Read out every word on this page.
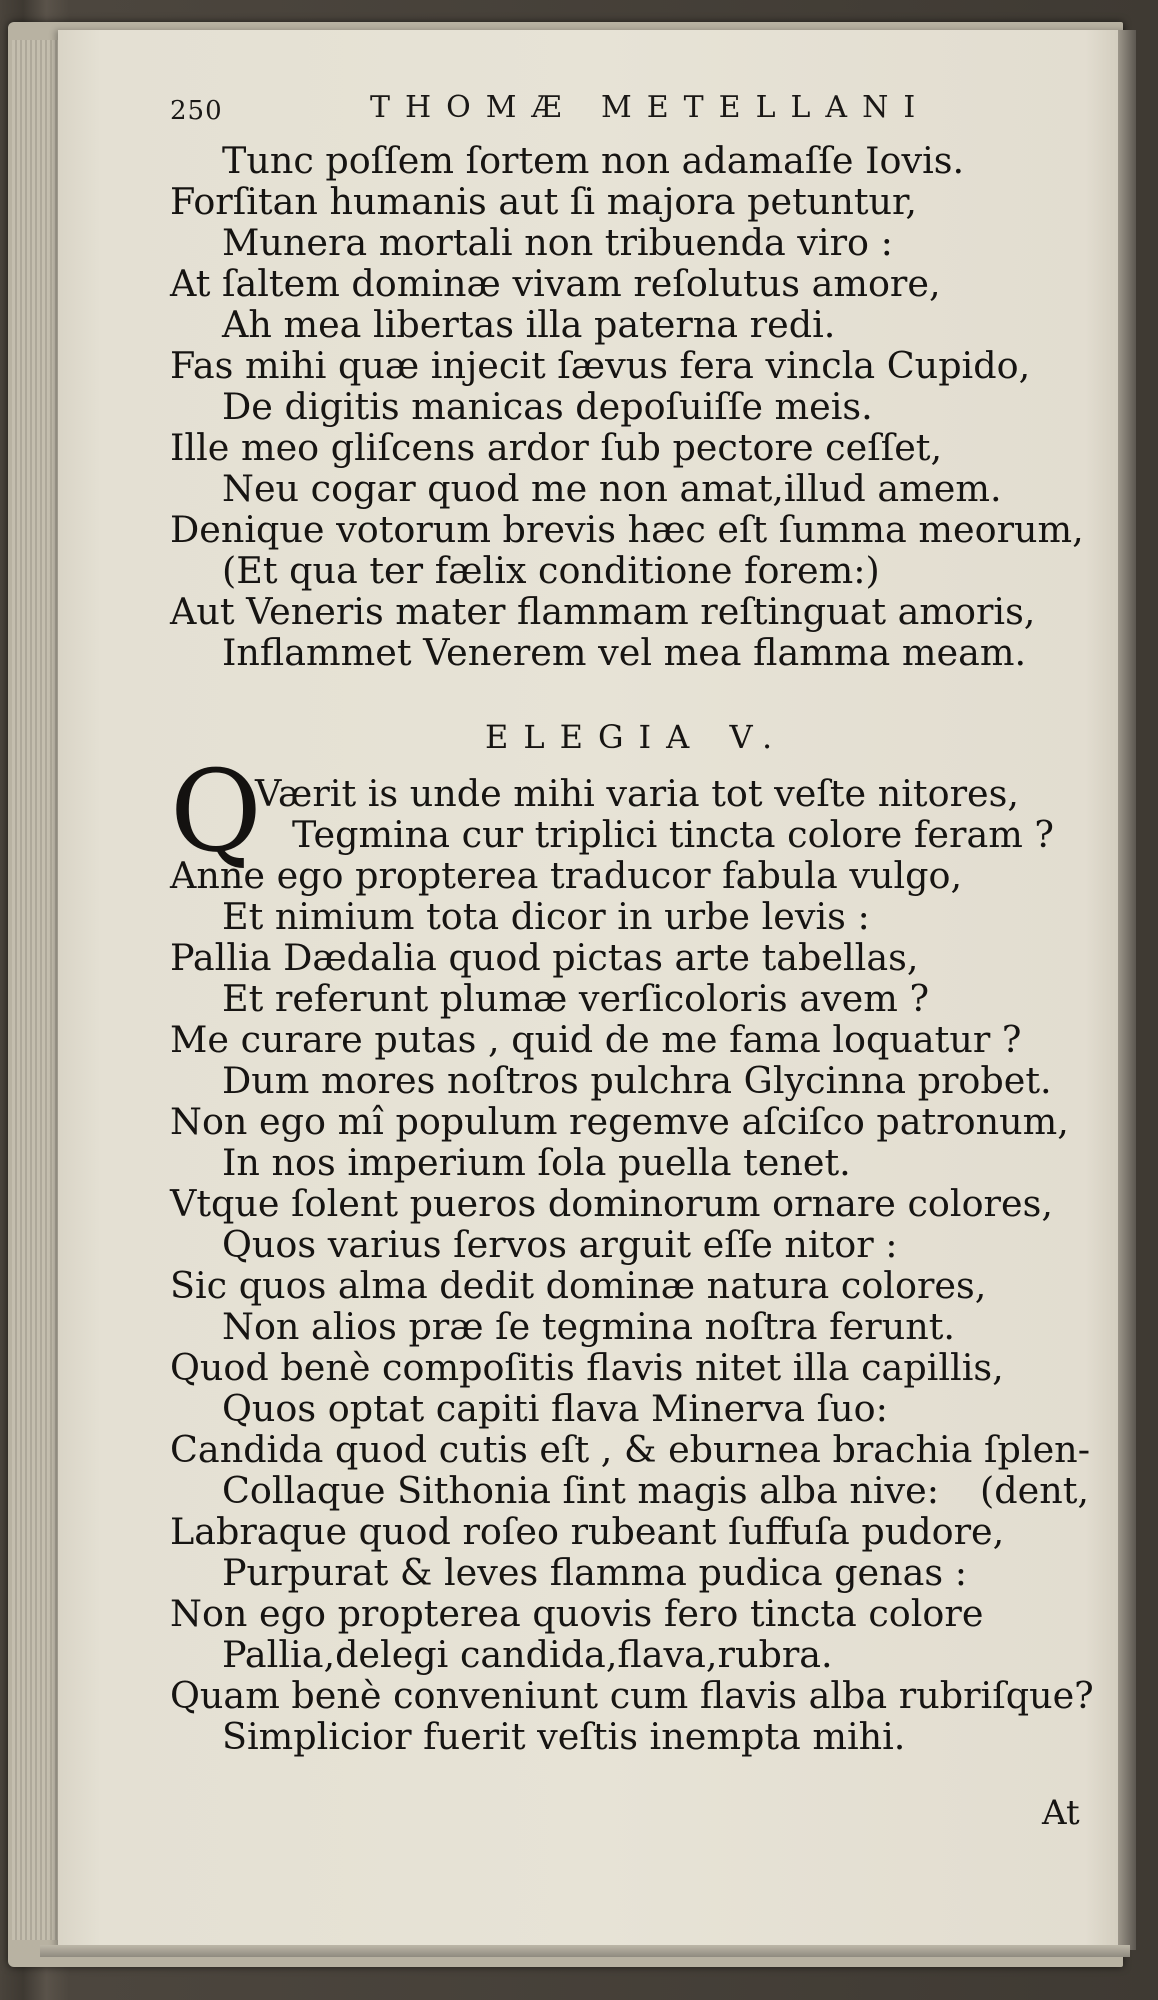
250	THOMÆ METELLANI
Tunc poſſem ſortem non adamaſſe Iovis.
Forſitan humanis aut ſi majora petuntur,
Munera mortali non tribuenda viro :
At ſaltem dominæ vivam reſolutus amore,
Ah mea libertas illa paterna redi.
Fas mihi quæ injecit ſævus fera vincla Cupido,
De digitis manicas depoſuiſſe meis.
Ille meo gliſcens ardor ſub pectore ceſſet,
Neu cogar quod me non amat,illud amem.
Denique votorum brevis hæc eſt ſumma meorum,
(Et qua ter fælix conditione forem:)
Aut Veneris mater flammam reſtinguat amoris,
Inflammet Venerem vel mea flamma meam.
ELEGIA V.
Q
Værit is unde mihi varia tot veſte nitores,
Tegmina cur triplici tincta colore feram ?
Anne ego propterea traducor fabula vulgo,
Et nimium tota dicor in urbe levis :
Pallia Dædalia quod pictas arte tabellas,
Et referunt plumæ verſicoloris avem ?
Me curare putas , quid de me fama loquatur ?
Dum mores noſtros pulchra Glycinna probet.
Non ego mî populum regemve aſciſco patronum,
In nos imperium ſola puella tenet.
Vtque ſolent pueros dominorum ornare colores,
Quos varius ſervos arguit eſſe nitor :
Sic quos alma dedit dominæ natura colores,
Non alios præ ſe tegmina noſtra ferunt.
Quod benè compoſitis flavis nitet illa capillis,
Quos optat capiti flava Minerva ſuo:
Candida quod cutis eſt , & eburnea brachia ſplen-
Collaque Sithonia ſint magis alba nive: (dent,
Labraque quod roſeo rubeant ſuffuſa pudore,
Purpurat & leves flamma pudica genas :
Non ego propterea quovis fero tincta colore
Pallia,delegi candida,flava,rubra.
Quam benè conveniunt cum flavis alba rubriſque?
Simplicior fuerit veſtis inempta mihi.
At
